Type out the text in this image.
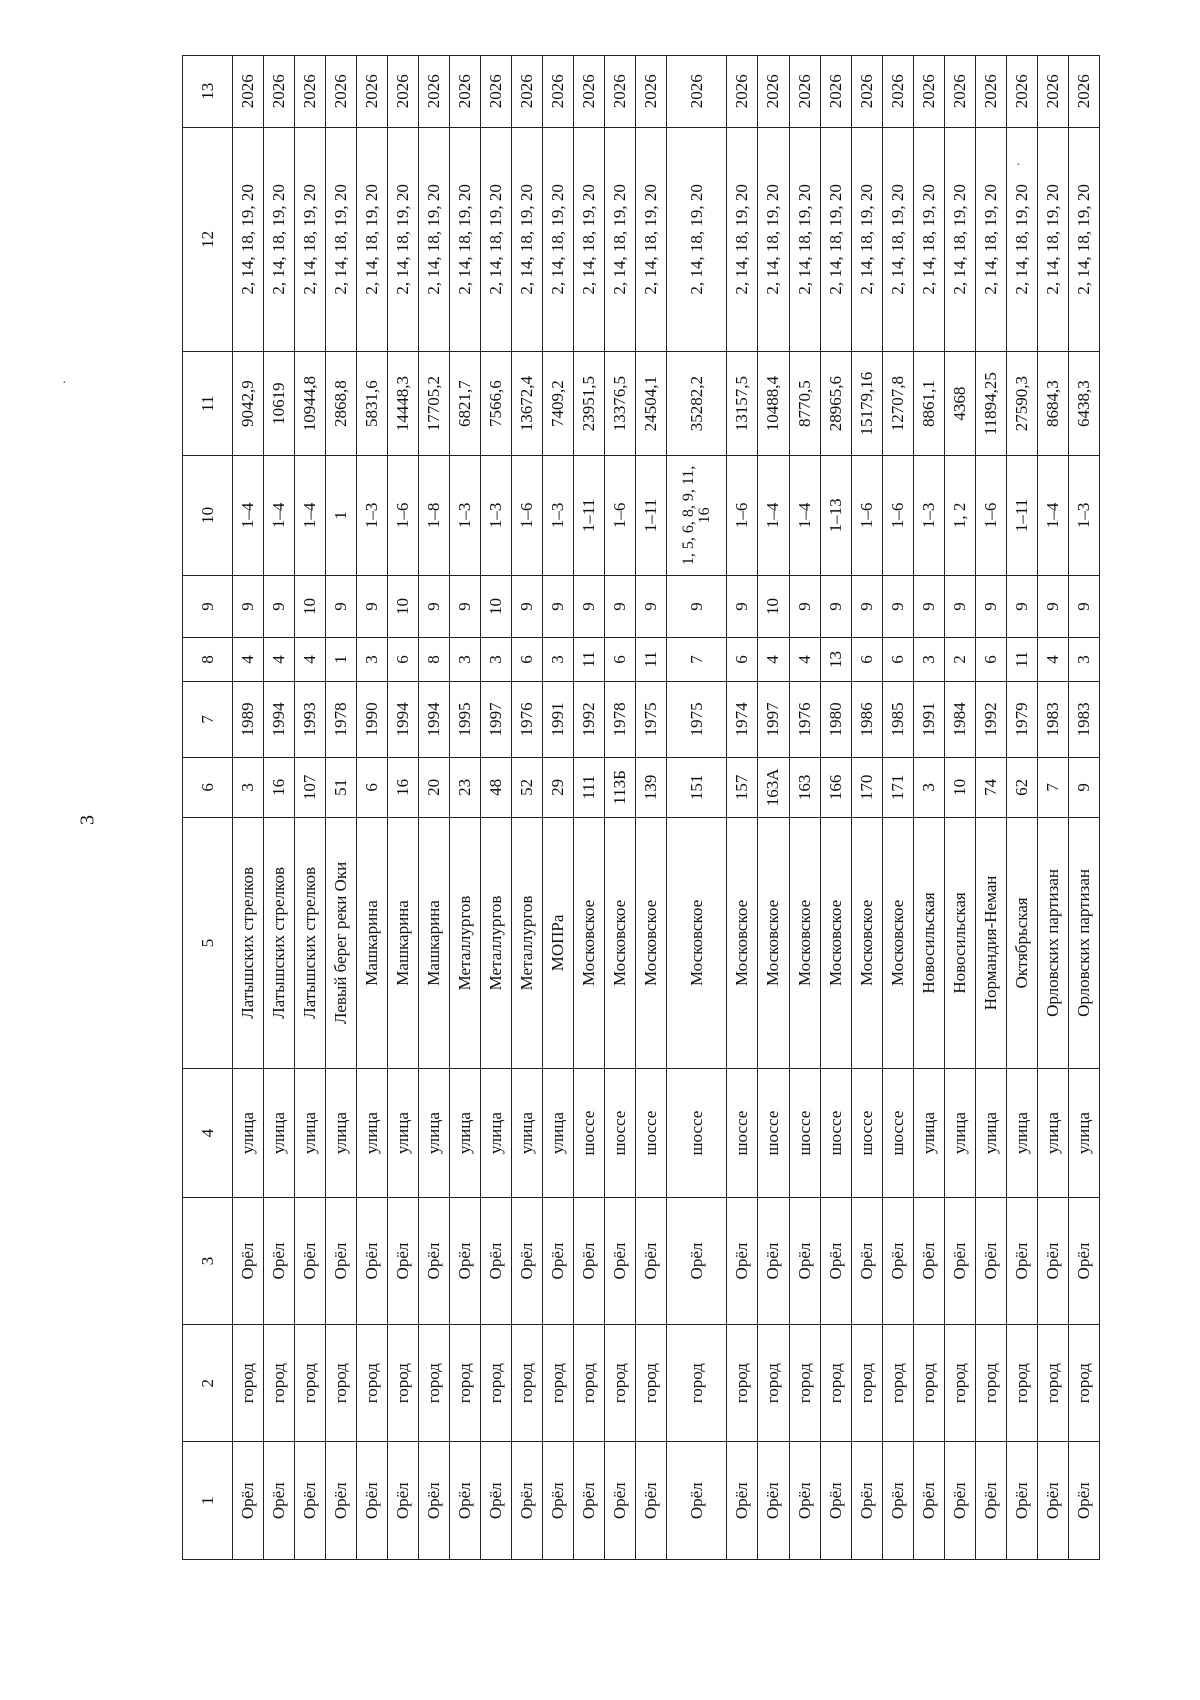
3
·
·
1	2	3	4	5	6	7	8	9	10	11	12	13
Орёл	город	Орёл	улица	Латышских стрелков	3	1989	4	9	1–4	9042,9	2, 14, 18, 19, 20	2026
Орёл	город	Орёл	улица	Латышских стрелков	16	1994	4	9	1–4	10619	2, 14, 18, 19, 20	2026
Орёл	город	Орёл	улица	Латышских стрелков	107	1993	4	10	1–4	10944,8	2, 14, 18, 19, 20	2026
Орёл	город	Орёл	улица	Левый берег реки Оки	51	1978	1	9	1	2868,8	2, 14, 18, 19, 20	2026
Орёл	город	Орёл	улица	Машкарина	6	1990	3	9	1–3	5831,6	2, 14, 18, 19, 20	2026
Орёл	город	Орёл	улица	Машкарина	16	1994	6	10	1–6	14448,3	2, 14, 18, 19, 20	2026
Орёл	город	Орёл	улица	Машкарина	20	1994	8	9	1–8	17705,2	2, 14, 18, 19, 20	2026
Орёл	город	Орёл	улица	Металлургов	23	1995	3	9	1–3	6821,7	2, 14, 18, 19, 20	2026
Орёл	город	Орёл	улица	Металлургов	48	1997	3	10	1–3	7566,6	2, 14, 18, 19, 20	2026
Орёл	город	Орёл	улица	Металлургов	52	1976	6	9	1–6	13672,4	2, 14, 18, 19, 20	2026
Орёл	город	Орёл	улица	МОПРа	29	1991	3	9	1–3	7409,2	2, 14, 18, 19, 20	2026
Орёл	город	Орёл	шоссе	Московское	111	1992	11	9	1–11	23951,5	2, 14, 18, 19, 20	2026
Орёл	город	Орёл	шоссе	Московское	113Б	1978	6	9	1–6	13376,5	2, 14, 18, 19, 20	2026
Орёл	город	Орёл	шоссе	Московское	139	1975	11	9	1–11	24504,1	2, 14, 18, 19, 20	2026
Орёл	город	Орёл	шоссе	Московское	151	1975	7	9	1, 5, 6, 8, 9, 11, 16	35282,2	2, 14, 18, 19, 20	2026
Орёл	город	Орёл	шоссе	Московское	157	1974	6	9	1–6	13157,5	2, 14, 18, 19, 20	2026
Орёл	город	Орёл	шоссе	Московское	163А	1997	4	10	1–4	10488,4	2, 14, 18, 19, 20	2026
Орёл	город	Орёл	шоссе	Московское	163	1976	4	9	1–4	8770,5	2, 14, 18, 19, 20	2026
Орёл	город	Орёл	шоссе	Московское	166	1980	13	9	1–13	28965,6	2, 14, 18, 19, 20	2026
Орёл	город	Орёл	шоссе	Московское	170	1986	6	9	1–6	15179,16	2, 14, 18, 19, 20	2026
Орёл	город	Орёл	шоссе	Московское	171	1985	6	9	1–6	12707,8	2, 14, 18, 19, 20	2026
Орёл	город	Орёл	улица	Новосильская	3	1991	3	9	1–3	8861,1	2, 14, 18, 19, 20	2026
Орёл	город	Орёл	улица	Новосильская	10	1984	2	9	1, 2	4368	2, 14, 18, 19, 20	2026
Орёл	город	Орёл	улица	Нормандия-Неман	74	1992	6	9	1–6	11894,25	2, 14, 18, 19, 20	2026
Орёл	город	Орёл	улица	Октябрьская	62	1979	11	9	1–11	27590,3	2, 14, 18, 19, 20	2026
Орёл	город	Орёл	улица	Орловских партизан	7	1983	4	9	1–4	8684,3	2, 14, 18, 19, 20	2026
Орёл	город	Орёл	улица	Орловских партизан	9	1983	3	9	1–3	6438,3	2, 14, 18, 19, 20	2026
